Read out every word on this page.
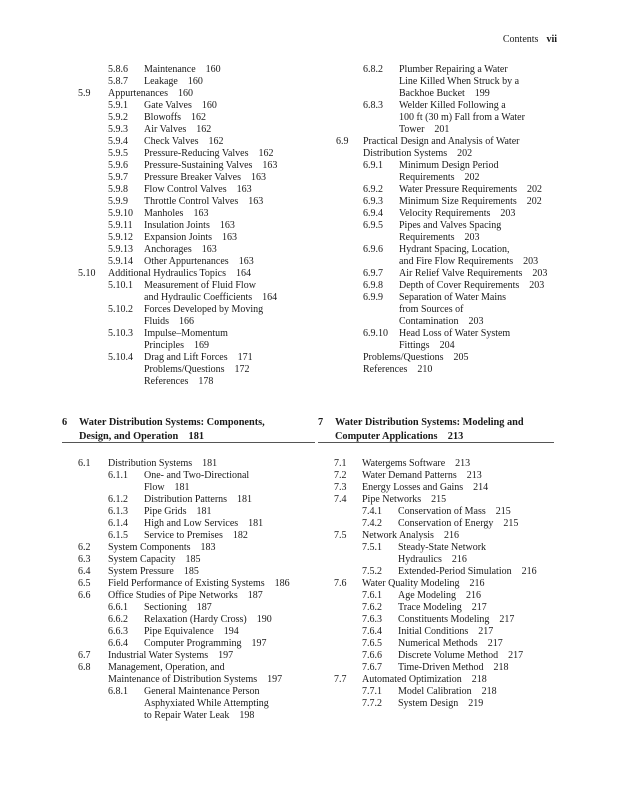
Contents vii
5.8.6 Maintenance 160
5.8.7 Leakage 160
5.9 Appurtenances 160
5.9.1 Gate Valves 160
5.9.2 Blowoffs 162
5.9.3 Air Valves 162
5.9.4 Check Valves 162
5.9.5 Pressure-Reducing Valves 162
5.9.6 Pressure-Sustaining Valves 163
5.9.7 Pressure Breaker Valves 163
5.9.8 Flow Control Valves 163
5.9.9 Throttle Control Valves 163
5.9.10 Manholes 163
5.9.11 Insulation Joints 163
5.9.12 Expansion Joints 163
5.9.13 Anchorages 163
5.9.14 Other Appurtenances 163
5.10 Additional Hydraulics Topics 164
5.10.1 Measurement of Fluid Flow
and Hydraulic Coefficients 164
5.10.2 Forces Developed by Moving
Fluids 166
5.10.3 Impulse–Momentum
Principles 169
5.10.4 Drag and Lift Forces 171
Problems/Questions 172
References 178
6.8.2 Plumber Repairing a Water
Line Killed When Struck by a
Backhoe Bucket 199
6.8.3 Welder Killed Following a
100 ft (30 m) Fall from a Water
Tower 201
6.9 Practical Design and Analysis of Water
Distribution Systems 202
6.9.1 Minimum Design Period
Requirements 202
6.9.2 Water Pressure Requirements 202
6.9.3 Minimum Size Requirements 202
6.9.4 Velocity Requirements 203
6.9.5 Pipes and Valves Spacing
Requirements 203
6.9.6 Hydrant Spacing, Location,
and Fire Flow Requirements 203
6.9.7 Air Relief Valve Requirements 203
6.9.8 Depth of Cover Requirements 203
6.9.9 Separation of Water Mains
from Sources of
Contamination 203
6.9.10 Head Loss of Water System
Fittings 204
Problems/Questions 205
References 210
6 Water Distribution Systems: Components,
Design, and Operation 181
7 Water Distribution Systems: Modeling and
Computer Applications 213
6.1 Distribution Systems 181
6.1.1 One- and Two-Directional
Flow 181
6.1.2 Distribution Patterns 181
6.1.3 Pipe Grids 181
6.1.4 High and Low Services 181
6.1.5 Service to Premises 182
6.2 System Components 183
6.3 System Capacity 185
6.4 System Pressure 185
6.5 Field Performance of Existing Systems 186
6.6 Office Studies of Pipe Networks 187
6.6.1 Sectioning 187
6.6.2 Relaxation (Hardy Cross) 190
6.6.3 Pipe Equivalence 194
6.6.4 Computer Programming 197
6.7 Industrial Water Systems 197
6.8 Management, Operation, and
Maintenance of Distribution Systems 197
6.8.1 General Maintenance Person
Asphyxiated While Attempting
to Repair Water Leak 198
7.1 Watergems Software 213
7.2 Water Demand Patterns 213
7.3 Energy Losses and Gains 214
7.4 Pipe Networks 215
7.4.1 Conservation of Mass 215
7.4.2 Conservation of Energy 215
7.5 Network Analysis 216
7.5.1 Steady-State Network
Hydraulics 216
7.5.2 Extended-Period Simulation 216
7.6 Water Quality Modeling 216
7.6.1 Age Modeling 216
7.6.2 Trace Modeling 217
7.6.3 Constituents Modeling 217
7.6.4 Initial Conditions 217
7.6.5 Numerical Methods 217
7.6.6 Discrete Volume Method 217
7.6.7 Time-Driven Method 218
7.7 Automated Optimization 218
7.7.1 Model Calibration 218
7.7.2 System Design 219
